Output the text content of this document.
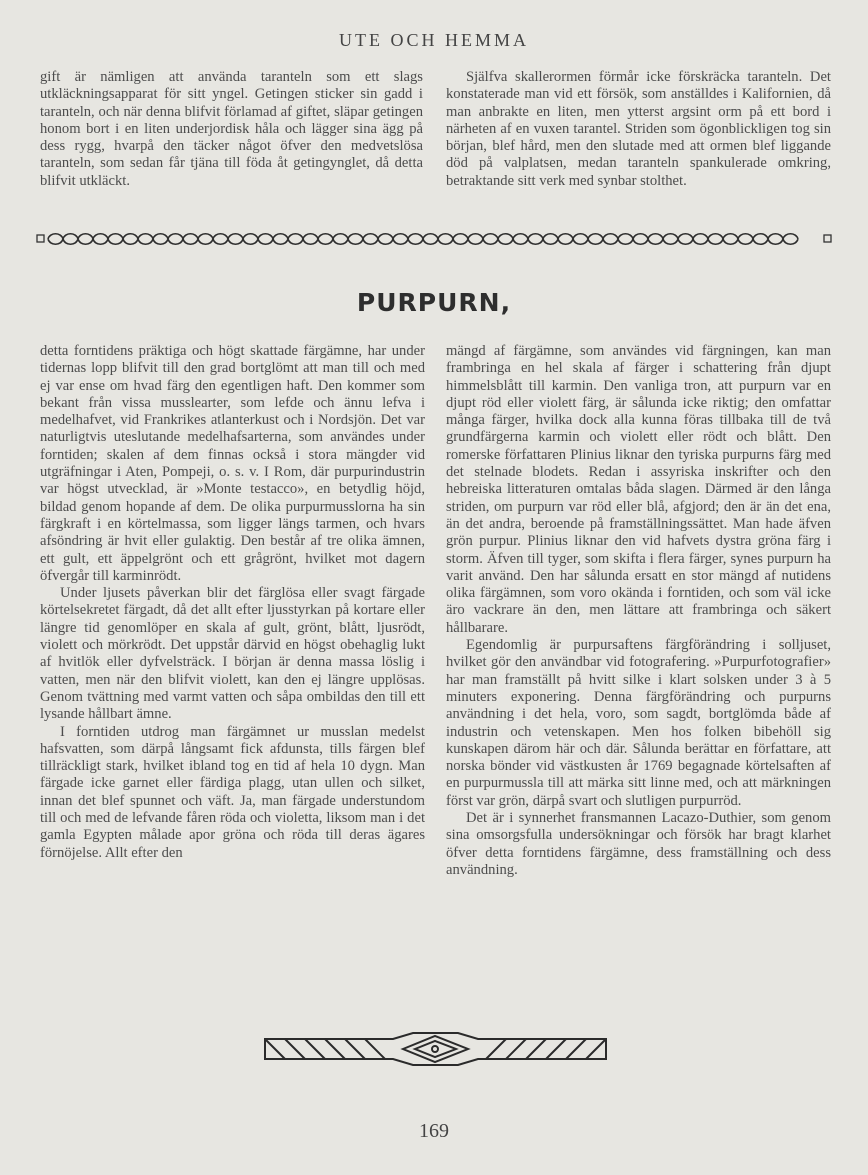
UTE OCH HEMMA

gift är nämligen att använda taranteln som ett slags utkläckningsapparat för sitt yngel. Getingen sticker sin gadd i taranteln, och när denna blifvit förlamad af giftet, släpar getingen honom bort i en liten underjordisk håla och lägger sina ägg på dess rygg, hvarpå den täcker något öfver den medvetslösa taranteln, som sedan får tjäna till föda åt getingynglet, då detta blifvit utkläckt.

Själfva skallerormen förmår icke förskräcka taranteln. Det konstaterade man vid ett försök, som anställdes i Kalifornien, då man anbrakte en liten, men ytterst argsint orm på ett bord i närheten af en vuxen tarantel. Striden som ögonblickligen tog sin början, blef hård, men den slutade med att ormen blef liggande död på valplatsen, medan taranteln spankulerade omkring, betraktande sitt verk med synbar stolthet.

PURPURN,

detta forntidens präktiga och högt skattade färgämne, har under tidernas lopp blifvit till den grad bortglömt att man till och med ej var ense om hvad färg den egentligen haft. Den kommer som bekant från vissa musslearter, som lefde och ännu lefva i medelhafvet, vid Frankrikes atlanterkust och i Nordsjön. Det var naturligtvis uteslutande medelhafsarterna, som användes under forntiden; skalen af dem finnas också i stora mängder vid utgräfningar i Aten, Pompeji, o. s. v. I Rom, där purpurindustrin var högst utvecklad, är »Monte testacco», en betydlig höjd, bildad genom hopande af dem. De olika purpurmusslorna ha sin färgkraft i en körtelmassa, som ligger längs tarmen, och hvars afsöndring är hvit eller gulaktig. Den består af tre olika ämnen, ett gult, ett äppelgrönt och ett grågrönt, hvilket mot dagern öfvergår till karminrödt.

Under ljusets påverkan blir det färglösa eller svagt färgade körtelsekretet färgadt, då det allt efter ljusstyrkan på kortare eller längre tid genomlöper en skala af gult, grönt, blått, ljusrödt, violett och mörkrödt. Det uppstår därvid en högst obehaglig lukt af hvitlök eller dyfvelsträck. I början är denna massa löslig i vatten, men när den blifvit violett, kan den ej längre upplösas. Genom tvättning med varmt vatten och såpa ombildas den till ett lysande hållbart ämne.

I forntiden utdrog man färgämnet ur musslan medelst hafsvatten, som därpå långsamt fick afdunsta, tills färgen blef tillräckligt stark, hvilket ibland tog en tid af hela 10 dygn. Man färgade icke garnet eller färdiga plagg, utan ullen och silket, innan det blef spunnet och väft. Ja, man färgade understundom till och med de lefvande fåren röda och violetta, liksom man i det gamla Egypten målade apor gröna och röda till deras ägares förnöjelse. Allt efter den

mängd af färgämne, som användes vid färgningen, kan man frambringa en hel skala af färger i schattering från djupt himmelsblått till karmin. Den vanliga tron, att purpurn var en djupt röd eller violett färg, är sålunda icke riktig; den omfattar många färger, hvilka dock alla kunna föras tillbaka till de två grundfärgerna karmin och violett eller rödt och blått. Den romerske författaren Plinius liknar den tyriska purpurns färg med det stelnade blodets. Redan i assyriska inskrifter och den hebreiska litteraturen omtalas båda slagen. Därmed är den långa striden, om purpurn var röd eller blå, afgjord; den är än det ena, än det andra, beroende på framställningssättet. Man hade äfven grön purpur. Plinius liknar den vid hafvets dystra gröna färg i storm. Äfven till tyger, som skifta i flera färger, synes purpurn ha varit använd. Den har sålunda ersatt en stor mängd af nutidens olika färgämnen, som voro okända i forntiden, och som väl icke äro vackrare än den, men lättare att frambringa och säkert hållbarare.

Egendomlig är purpursaftens färgförändring i solljuset, hvilket gör den användbar vid fotografering. »Purpurfotografier» har man framställt på hvitt silke i klart solsken under 3 à 5 minuters exponering. Denna färgförändring och purpurns användning i det hela, voro, som sagdt, bortglömda både af industrin och vetenskapen. Men hos folken bibehöll sig kunskapen därom här och där. Sålunda berättar en författare, att norska bönder vid västkusten år 1769 begagnade körtelsaften af en purpurmussla till att märka sitt linne med, och att märkningen först var grön, därpå svart och slutligen purpurröd.

Det är i synnerhet fransmannen Lacazo-Duthier, som genom sina omsorgsfulla undersökningar och försök har bragt klarhet öfver detta forntidens färgämne, dess framställning och dess användning.

169
